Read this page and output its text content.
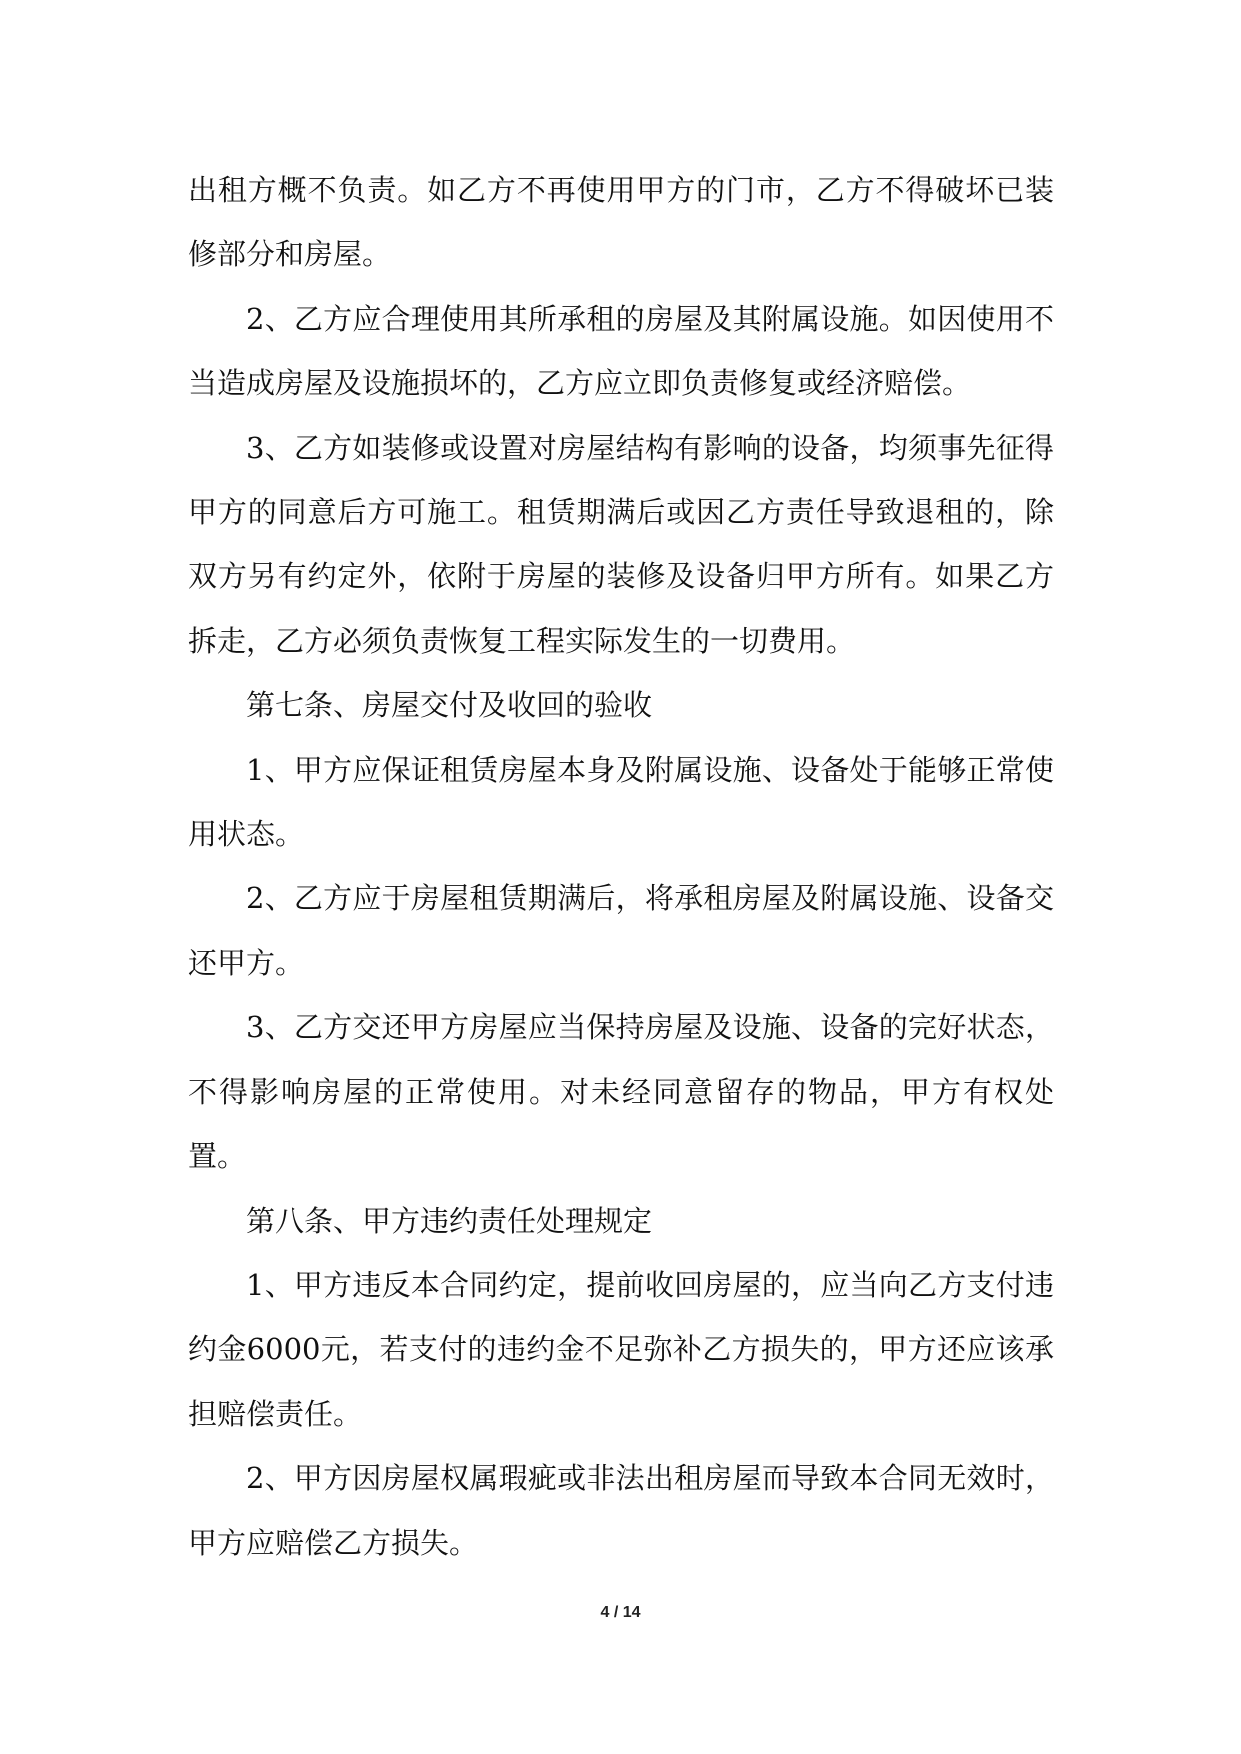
出租方概不负责。如乙方不再使用甲方的门市，乙方不得破坏已装修部分和房屋。

2、乙方应合理使用其所承租的房屋及其附属设施。如因使用不当造成房屋及设施损坏的，乙方应立即负责修复或经济赔偿。

3、乙方如装修或设置对房屋结构有影响的设备，均须事先征得甲方的同意后方可施工。租赁期满后或因乙方责任导致退租的，除双方另有约定外，依附于房屋的装修及设备归甲方所有。如果乙方拆走，乙方必须负责恢复工程实际发生的一切费用。

第七条、房屋交付及收回的验收

1、甲方应保证租赁房屋本身及附属设施、设备处于能够正常使用状态。

2、乙方应于房屋租赁期满后，将承租房屋及附属设施、设备交还甲方。

3、乙方交还甲方房屋应当保持房屋及设施、设备的完好状态，不得影响房屋的正常使用。对未经同意留存的物品，甲方有权处置。

第八条、甲方违约责任处理规定

1、甲方违反本合同约定，提前收回房屋的，应当向乙方支付违约金6000元，若支付的违约金不足弥补乙方损失的，甲方还应该承担赔偿责任。

2、甲方因房屋权属瑕疵或非法出租房屋而导致本合同无效时，甲方应赔偿乙方损失。

4 / 14
